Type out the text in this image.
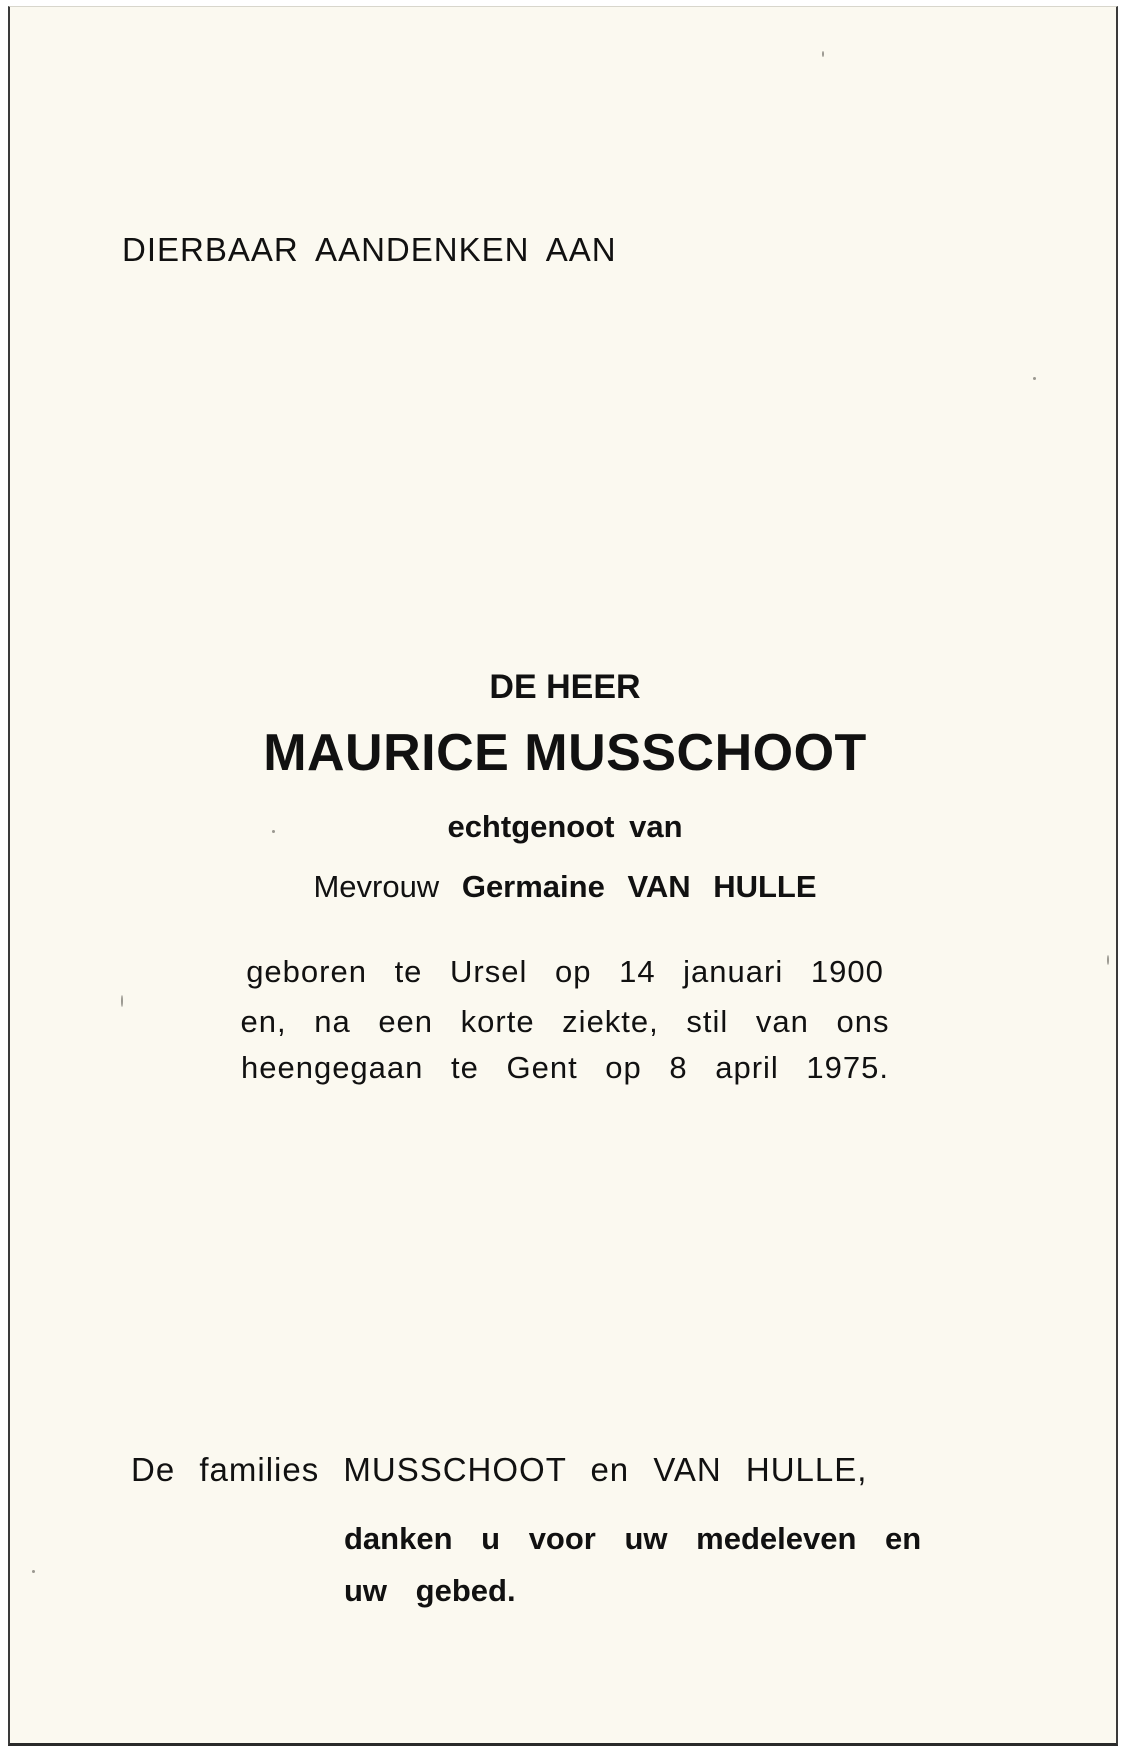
DIERBAAR AANDENKEN AAN
DE HEER
MAURICE MUSSCHOOT
echtgenoot van
Mevrouw Germaine VAN HULLE
geboren te Ursel op 14 januari 1900
en, na een korte ziekte, stil van ons
heengegaan te Gent op 8 april 1975.
De families MUSSCHOOT en VAN HULLE,
danken u voor uw medeleven en
uw gebed.
